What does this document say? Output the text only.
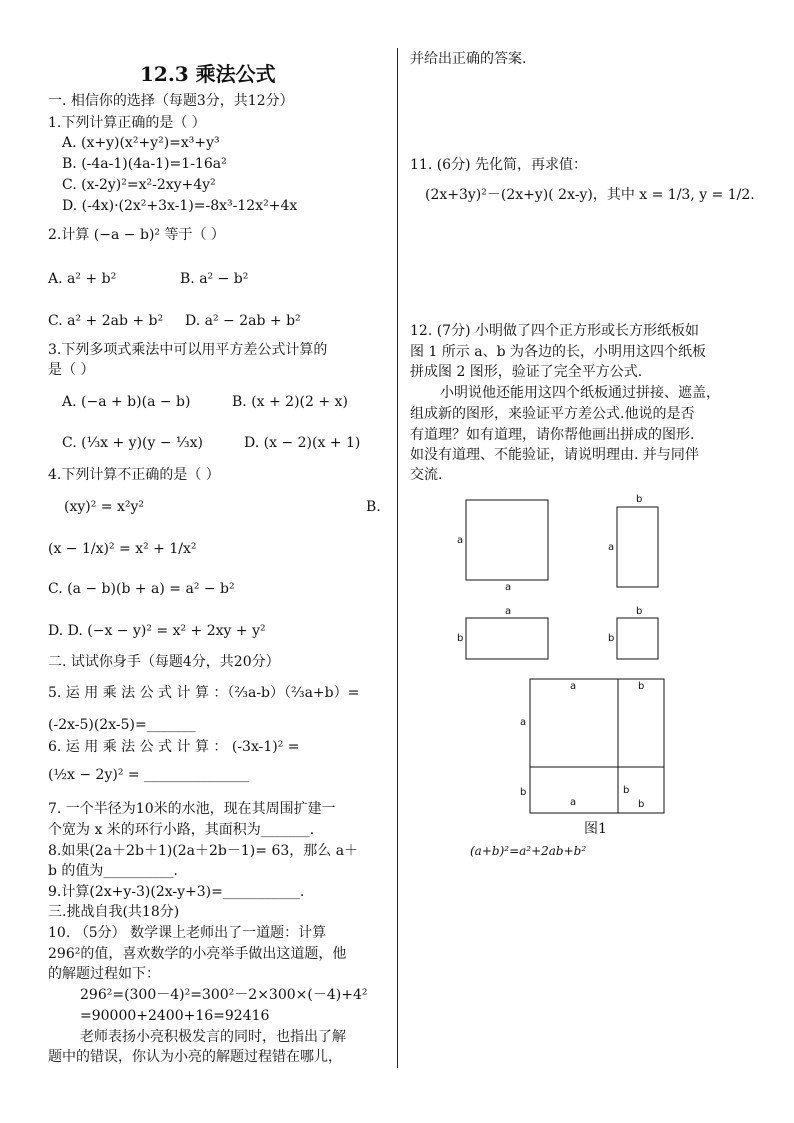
12.3 乘法公式
一. 相信你的选择（每题3分，共12分）
1.下列计算正确的是（ ）
A. (x+y)(x²+y²)=x³+y³
B. (-4a-1)(4a-1)=1-16a²
C. (x-2y)²=x²-2xy+4y²
D. (-4x)·(2x²+3x-1)=-8x³-12x²+4x
2.计算 (−a − b)² 等于（ ）
A. a² + b²	B. a² − b²
C. a² + 2ab + b² D. a² − 2ab + b²
3.下列多项式乘法中可以用平方差公式计算的
是（ ）
A. (−a + b)(a − b)	B. (x + 2)(2 + x)
C. (⅓x + y)(y − ⅓x)	D. (x − 2)(x + 1)
4.下列计算不正确的是（ ）
(xy)² = x²y²	B.
(x − 1/x)² = x² + 1/x²
C. (a − b)(b + a) = a² − b²
D. D. (−x − y)² = x² + 2xy + y²
二. 试试你身手（每题4分，共20分）
5. 运 用 乘 法 公 式 计 算 ：（⅔a-b）（⅔a+b）=
(-2x-5)(2x-5)=_______
6. 运 用 乘 法 公 式 计 算 ： (-3x-1)² =
(½x − 2y)² = _______________
7. 一个半径为10米的水池，现在其周围扩建一
个宽为 x 米的环行小路，其面积为_______.
8.如果(2a＋2b＋1)(2a＋2b－1)= 63，那么 a＋
b 的值为__________.
9.计算(2x+y-3)(2x-y+3)=___________.
三.挑战自我(共18分)
10. （5分） 数学课上老师出了一道题：计算
296²的值，喜欢数学的小亮举手做出这道题，他
的解题过程如下：
296²=(300－4)²=300²－2×300×(－4)+4²
=90000+2400+16=92416
老师表扬小亮积极发言的同时，也指出了解
题中的错误，你认为小亮的解题过程错在哪儿，
并给出正确的答案.
11. (6分) 先化简，再求值：
(2x+3y)²－(2x+y)( 2x-y)，其中 x = 1/3, y = 1/2.
12. (7分) 小明做了四个正方形或长方形纸板如
图 1 所示 a、b 为各边的长，小明用这四个纸板
拼成图 2 图形，验证了完全平方公式.
小明说他还能用这四个纸板通过拼接、遮盖，
组成新的图形，来验证平方差公式.他说的是否
有道理？如有道理，请你帮他画出拼成的图形.
如没有道理、不能验证，请说明理由. 并与同伴
交流.
a
a
b
a
a
b
b
b
a	b
a
b
a
b
b
图1
(a+b)²=a²+2ab+b²
